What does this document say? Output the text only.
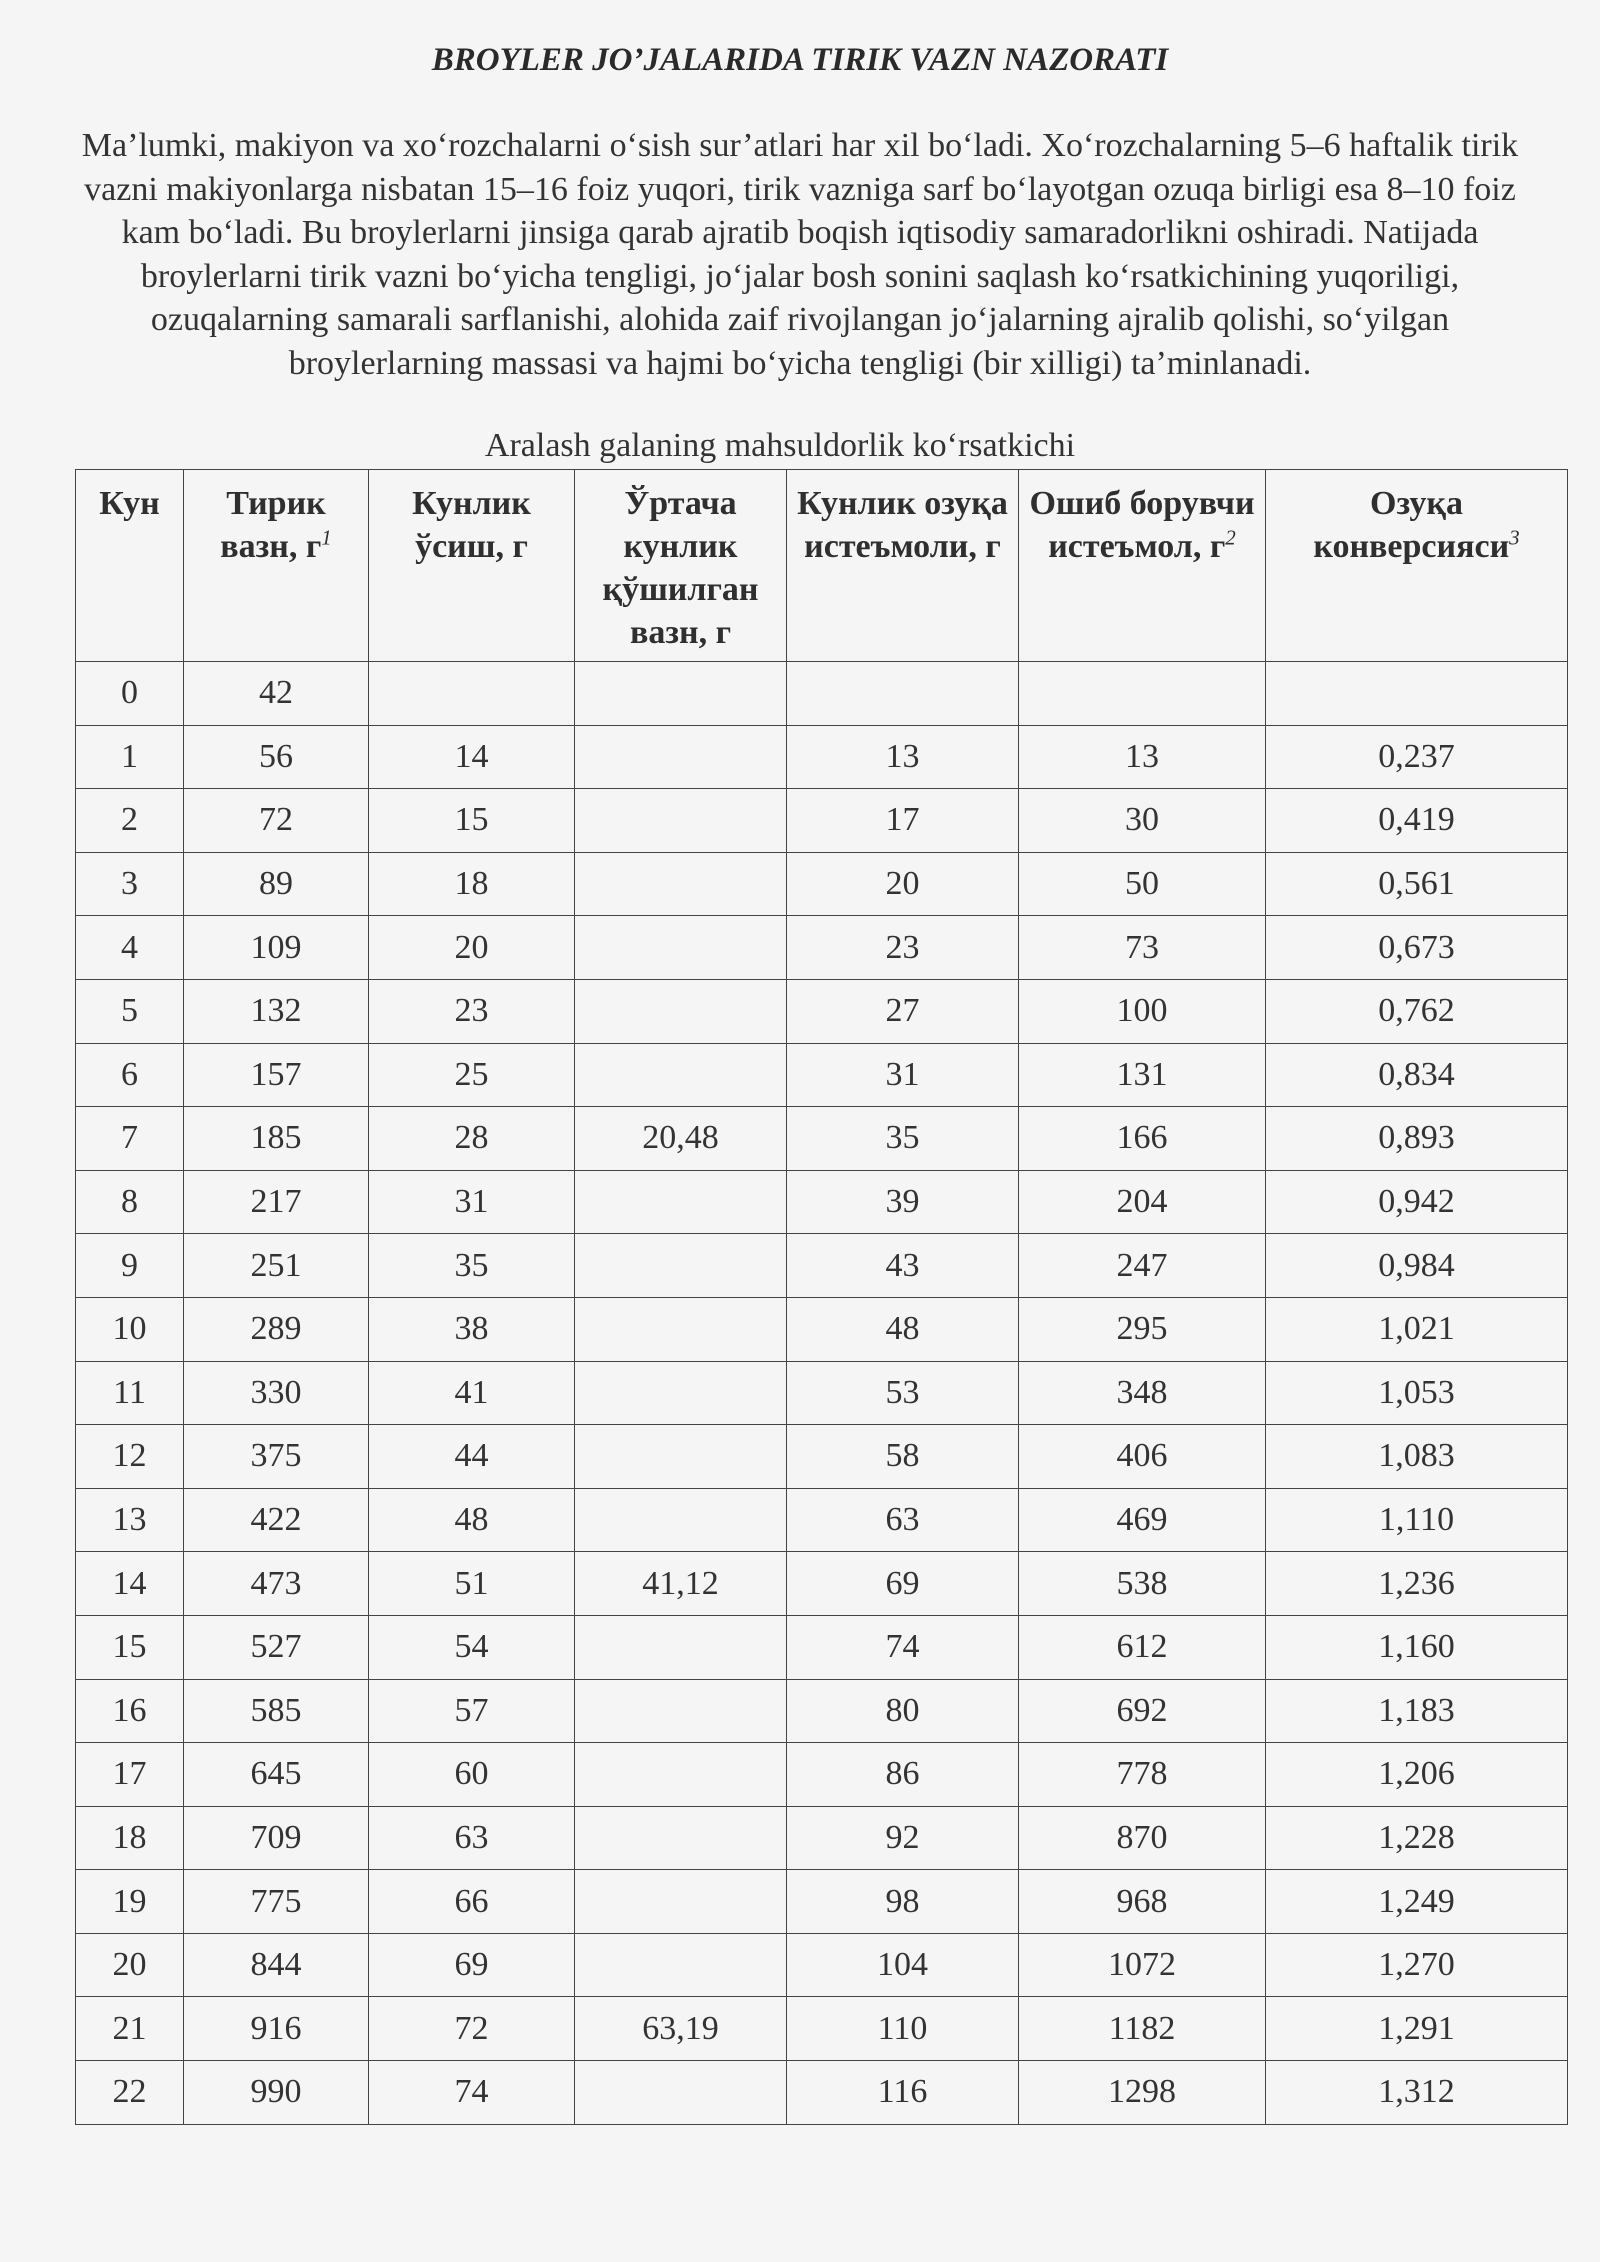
BROYLER JO’JALARIDA TIRIK VAZN NAZORATI
Ma’lumki, makiyon va xo‘rozchalarni o‘sish sur’atlari har xil bo‘ladi. Xo‘rozchalarning 5–6 haftalik tirik vazni makiyonlarga nisbatan 15–16 foiz yuqori, tirik vazniga sarf bo‘layotgan ozuqa birligi esa 8–10 foiz kam bo‘ladi. Bu broylerlarni jinsiga qarab ajratib boqish iqtisodiy samaradorlikni oshiradi. Natijada broylerlarni tirik vazni bo‘yicha tengligi, jo‘jalar bosh sonini saqlash ko‘rsatkichining yuqoriligi, ozuqalarning samarali sarflanishi, alohida zaif rivojlangan jo‘jalarning ajralib qolishi, so‘yilgan broylerlarning massasi va hajmi bo‘yicha tengligi (bir xilligi) ta’minlanadi.
Aralash galaning mahsuldorlik ko‘rsatkichi
Кун	Тирик вазн, $г^1$	Кунлик ўсиш, г	Ўртача кунлик қўшилган вазн, г	Кунлик озуқа истеъмоли, г	Ошиб борувчи истеъмол, $г^2$	Озуқа конверсияси$^3$
0	42					
1	56	14		13	13	0,237
2	72	15		17	30	0,419
3	89	18		20	50	0,561
4	109	20		23	73	0,673
5	132	23		27	100	0,762
6	157	25		31	131	0,834
7	185	28	20,48	35	166	0,893
8	217	31		39	204	0,942
9	251	35		43	247	0,984
10	289	38		48	295	1,021
11	330	41		53	348	1,053
12	375	44		58	406	1,083
13	422	48		63	469	1,110
14	473	51	41,12	69	538	1,236
15	527	54		74	612	1,160
16	585	57		80	692	1,183
17	645	60		86	778	1,206
18	709	63		92	870	1,228
19	775	66		98	968	1,249
20	844	69		104	1072	1,270
21	916	72	63,19	110	1182	1,291
22	990	74		116	1298	1,312
